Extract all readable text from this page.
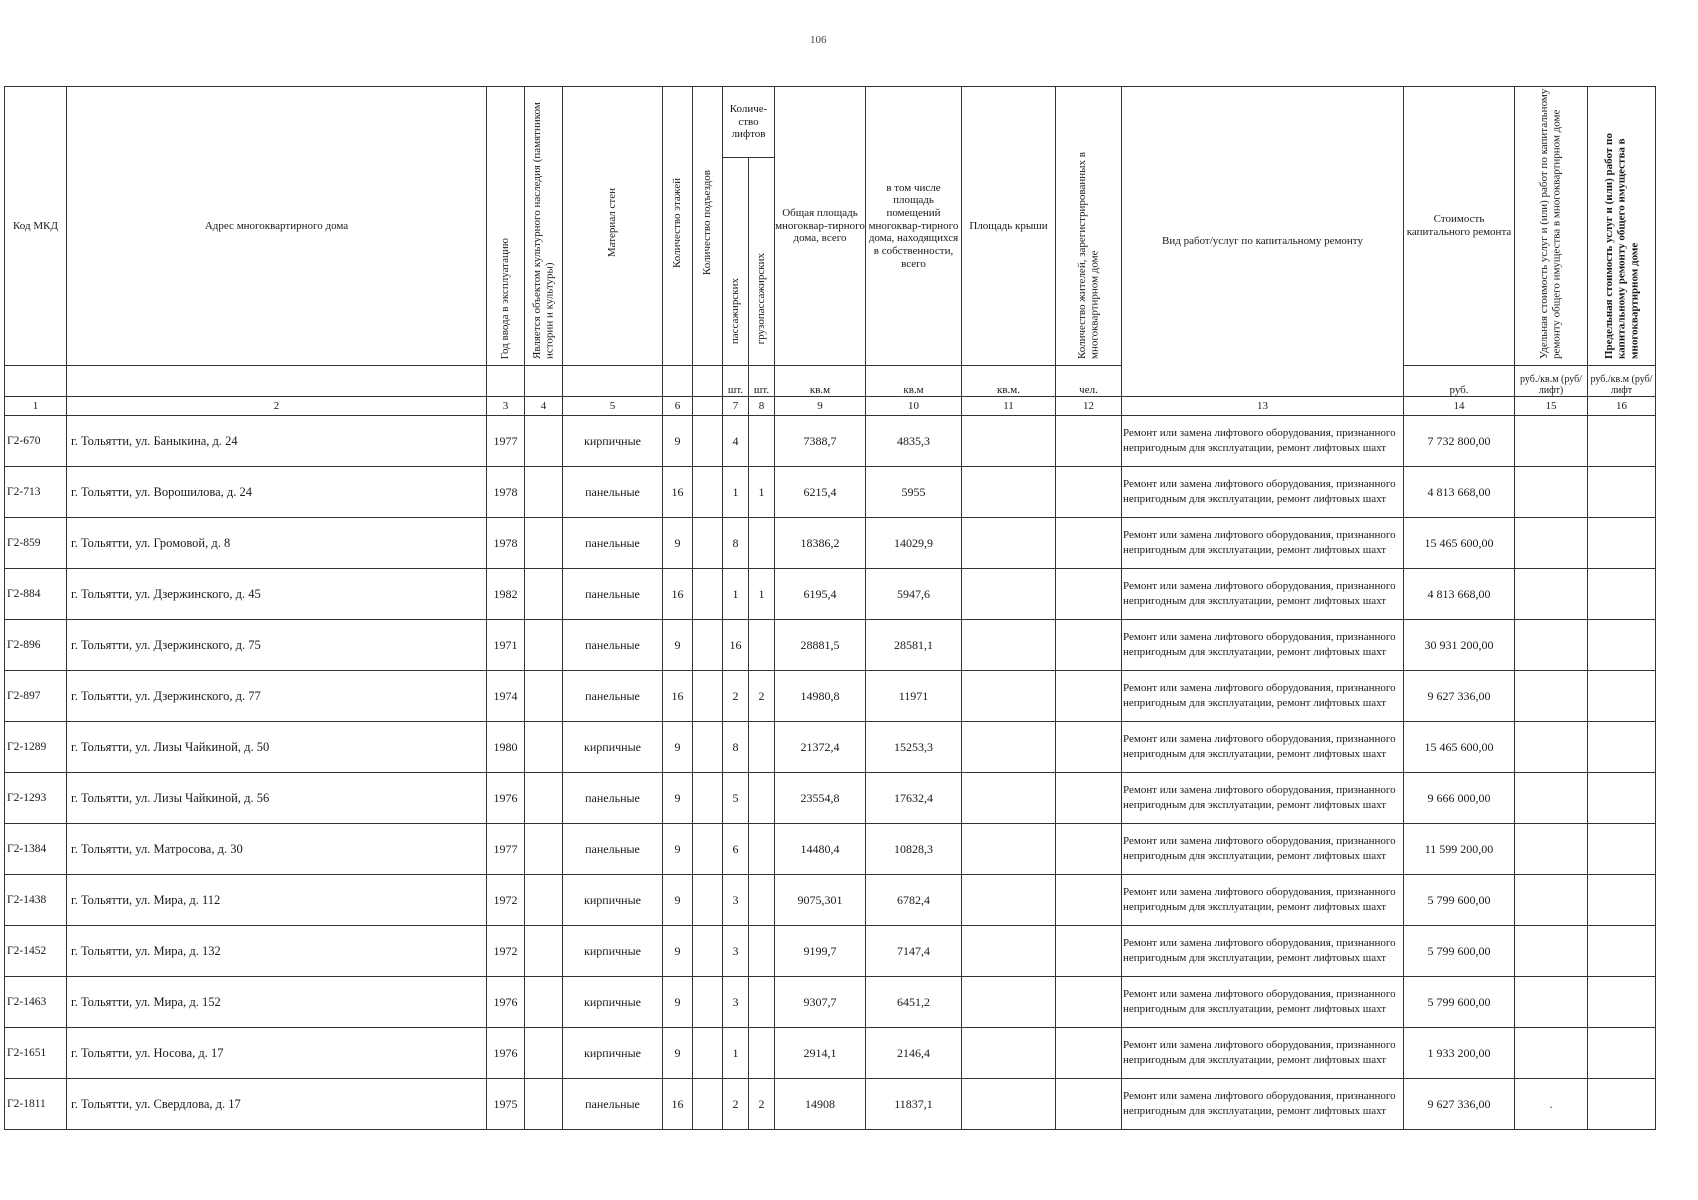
106
Код МКД	Адрес многоквартирного дома	Год ввода в эксплуатацию	Является объектом культурного наследия (памятником истории и культуры)	Материал стен	Количество этажей	Количество подъездов	Количе-ство лифтов		Общая площадь многоквар-тирного дома, всего	в том числе площадь помещений многоквар-тирного дома, находящихся в собственности, всего	Площадь крыши	Количество жителей, зарегистрированных в многоквартирном доме	Вид работ/услуг по капитальному ремонту	Стоимость капитального ремонта	Удельная стоимость услуг и (или) работ по капитальному ремонту общего имущества в многоквартирном доме	Предельная стоимость услуг и (или) работ по капитальному ремонту общего имущества в многоквартирном доме

							пассажирских	грузопассажирских								

							шт.	шт.	кв.м	кв.м	кв.м.	чел.		руб.	руб./кв.м (руб/лифт)	руб./кв.м (руб/лифт
1	2	3	4	5	6		7	8	9	10	11	12	13	14	15	16
Г2-670	г. Тольятти, ул. Баныкина, д. 24	1977		кирпичные	9		4		7388,7	4835,3			Ремонт или замена лифтового оборудования, признанного непригодным для эксплуатации, ремонт лифтовых шахт	7 732 800,00		
Г2-713	г. Тольятти, ул. Ворошилова, д. 24	1978		панельные	16		1	1	6215,4	5955			Ремонт или замена лифтового оборудования, признанного непригодным для эксплуатации, ремонт лифтовых шахт	4 813 668,00		
Г2-859	г. Тольятти, ул. Громовой, д. 8	1978		панельные	9		8		18386,2	14029,9			Ремонт или замена лифтового оборудования, признанного непригодным для эксплуатации, ремонт лифтовых шахт	15 465 600,00		
Г2-884	г. Тольятти, ул. Дзержинского, д. 45	1982		панельные	16		1	1	6195,4	5947,6			Ремонт или замена лифтового оборудования, признанного непригодным для эксплуатации, ремонт лифтовых шахт	4 813 668,00		
Г2-896	г. Тольятти, ул. Дзержинского, д. 75	1971		панельные	9		16		28881,5	28581,1			Ремонт или замена лифтового оборудования, признанного непригодным для эксплуатации, ремонт лифтовых шахт	30 931 200,00		
Г2-897	г. Тольятти, ул. Дзержинского, д. 77	1974		панельные	16		2	2	14980,8	11971			Ремонт или замена лифтового оборудования, признанного непригодным для эксплуатации, ремонт лифтовых шахт	9 627 336,00		
Г2-1289	г. Тольятти, ул. Лизы Чайкиной, д. 50	1980		кирпичные	9		8		21372,4	15253,3			Ремонт или замена лифтового оборудования, признанного непригодным для эксплуатации, ремонт лифтовых шахт	15 465 600,00		
Г2-1293	г. Тольятти, ул. Лизы Чайкиной, д. 56	1976		панельные	9		5		23554,8	17632,4			Ремонт или замена лифтового оборудования, признанного непригодным для эксплуатации, ремонт лифтовых шахт	9 666 000,00		
Г2-1384	г. Тольятти, ул. Матросова, д. 30	1977		панельные	9		6		14480,4	10828,3			Ремонт или замена лифтового оборудования, признанного непригодным для эксплуатации, ремонт лифтовых шахт	11 599 200,00		
Г2-1438	г. Тольятти, ул. Мира, д. 112	1972		кирпичные	9		3		9075,301	6782,4			Ремонт или замена лифтового оборудования, признанного непригодным для эксплуатации, ремонт лифтовых шахт	5 799 600,00		
Г2-1452	г. Тольятти, ул. Мира, д. 132	1972		кирпичные	9		3		9199,7	7147,4			Ремонт или замена лифтового оборудования, признанного непригодным для эксплуатации, ремонт лифтовых шахт	5 799 600,00		
Г2-1463	г. Тольятти, ул. Мира, д. 152	1976		кирпичные	9		3		9307,7	6451,2			Ремонт или замена лифтового оборудования, признанного непригодным для эксплуатации, ремонт лифтовых шахт	5 799 600,00		
Г2-1651	г. Тольятти, ул. Носова, д. 17	1976		кирпичные	9		1		2914,1	2146,4			Ремонт или замена лифтового оборудования, признанного непригодным для эксплуатации, ремонт лифтовых шахт	1 933 200,00		
Г2-1811	г. Тольятти, ул. Свердлова, д. 17	1975		панельные	16		2	2	14908	11837,1			Ремонт или замена лифтового оборудования, признанного непригодным для эксплуатации, ремонт лифтовых шахт	9 627 336,00	.	
